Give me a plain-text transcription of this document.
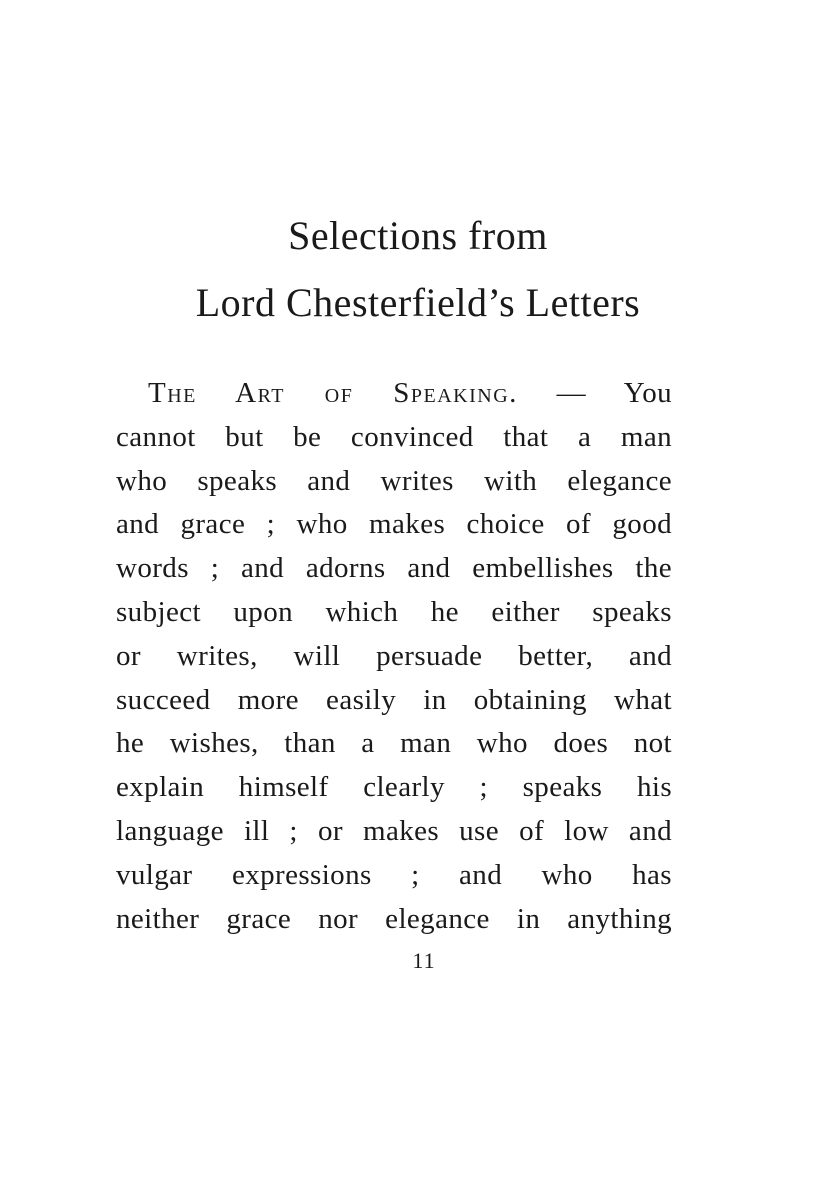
Selections from
Lord Chesterfield’s Letters
The Art of Speaking. — You
cannot but be convinced that a man
who speaks and writes with elegance
and grace ; who makes choice of good
words ; and adorns and embellishes the
subject upon which he either speaks
or writes, will persuade better, and
succeed more easily in obtaining what
he wishes, than a man who does not
explain himself clearly ; speaks his
language ill ; or makes use of low and
vulgar expressions ; and who has
neither grace nor elegance in anything
11
